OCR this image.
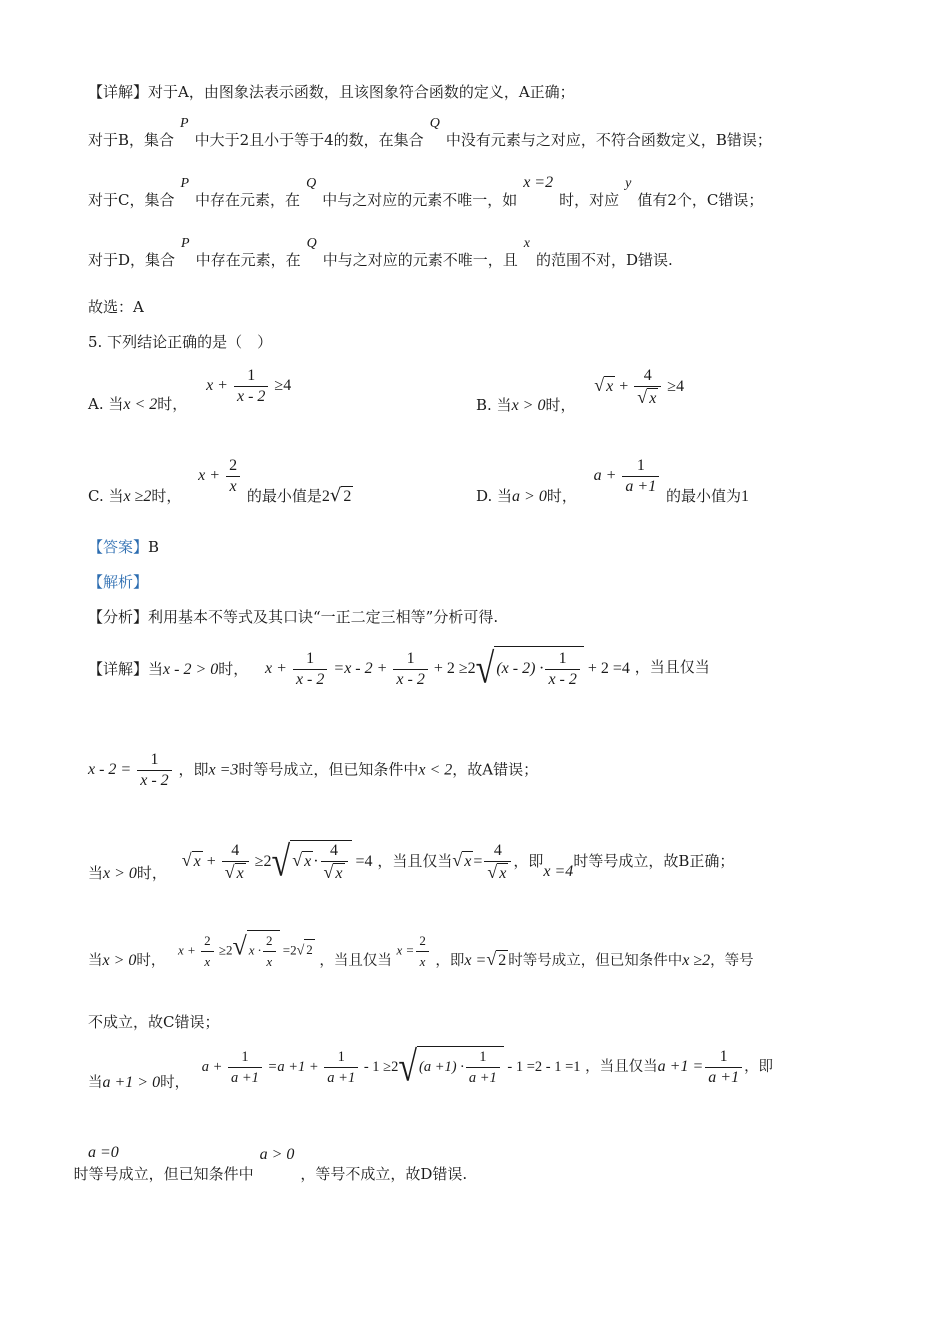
【详解】对于A，由图象法表示函数，且该图象符合函数的定义，A正确；
对于B，集合P中大于2且小于等于4的数，在集合Q中没有元素与之对应，不符合函数定义，B错误；
对于C，集合P中存在元素，在Q中与之对应的元素不唯一，如x =2时，对应y值有2个，C错误；
对于D，集合P中存在元素，在Q中与之对应的元素不唯一，且x的范围不对，D错误.
故选：A
5. 下列结论正确的是（　）
A. 当x < 2时， $x + \frac{1}{x - 2} \ge 4$
B. 当x > 0时， √ $x + \frac{4}{√ x} \ge 4$
C. 当x ≥2时， $x + \frac{2}{x}$ 的最小值是2√ 2	D. 当a > 0时， $a + \frac{1}{a +1}$ 的最小值为1
【答案】B
【解析】
【分析】利用基本不等式及其口诀“一正二定三相等”分析可得.
【详解】当x - 2 > 0时， $x + \frac{1}{x - 2} =x - 2 + \frac{1}{x - 2} + 2 \ge 2√$ $(x - 2) \cdot \frac{1}{x - 2} + 2 =4$ ，当且仅当
$x - 2 = \frac{1}{x - 2}$ ，即x =3时等号成立，但已知条件中x < 2，故A错误；
当x > 0时， √ $x + \frac{4}{√ x} \ge 2√$ √ $x \cdot \frac{4}{√ x} =4$ ，当且仅当√ $x = \frac{4}{√ x}$ ，即x =4时等号成立，故B正确；
当x > 0时， $x + \frac{2}{x} \ge 2√$ $x \cdot \frac{2}{x} =2√$ 2 ，当且仅当 $x = \frac{2}{x}$ ，即x =√ 2 时等号成立，但已知条件中x ≥2，等号
不成立，故C错误；
当a +1 > 0时， $a + \frac{1}{a +1} =a +1 + \frac{1}{a +1} - 1 \ge 2√$ $(a +1) \cdot \frac{1}{a +1} - 1 =2 - 1 =1$ ，当且仅当$a +1 = \frac{1}{a +1}$ ，即
a =0 时等号成立，但已知条件中a > 0，等号不成立，故D错误.
